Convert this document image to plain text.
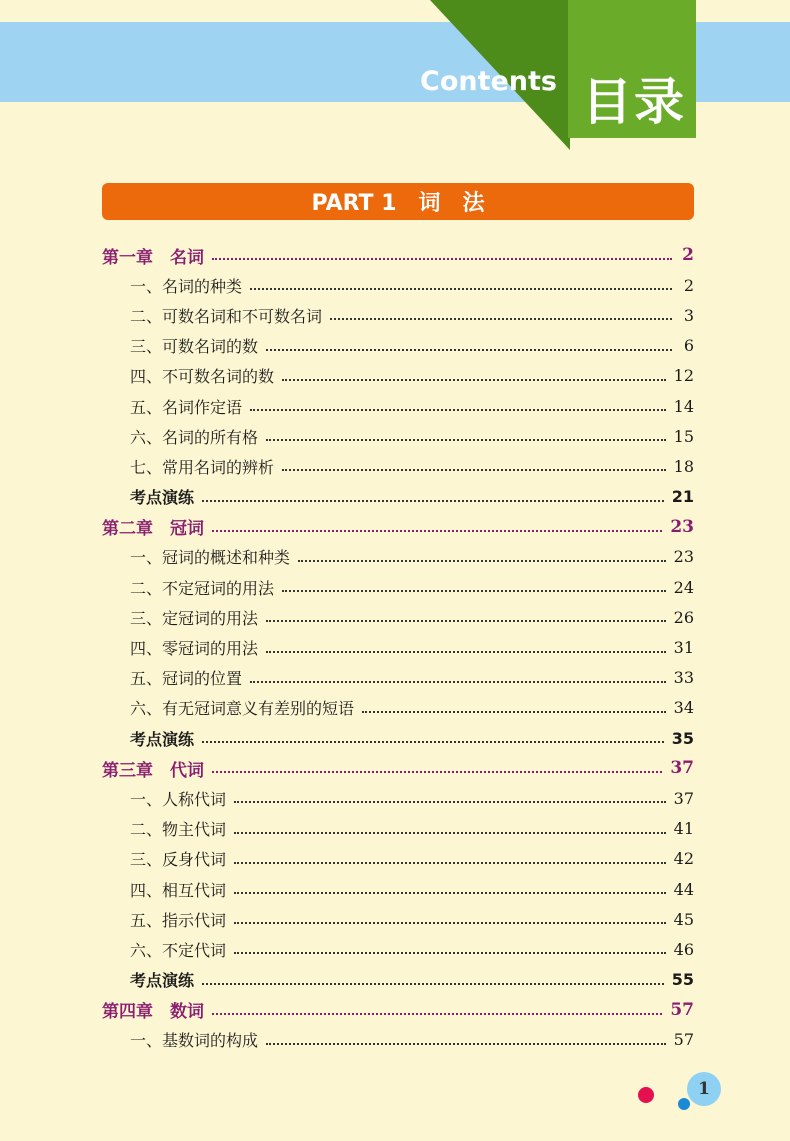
Contents 目录
PART 1　词　法
第一章　名词	2
一、名词的种类	2
二、可数名词和不可数名词	3
三、可数名词的数	6
四、不可数名词的数	12
五、名词作定语	14
六、名词的所有格	15
七、常用名词的辨析	18
考点演练	21
第二章　冠词	23
一、冠词的概述和种类	23
二、不定冠词的用法	24
三、定冠词的用法	26
四、零冠词的用法	31
五、冠词的位置	33
六、有无冠词意义有差别的短语	34
考点演练	35
第三章　代词	37
一、人称代词	37
二、物主代词	41
三、反身代词	42
四、相互代词	44
五、指示代词	45
六、不定代词	46
考点演练	55
第四章　数词	57
一、基数词的构成	57
1
